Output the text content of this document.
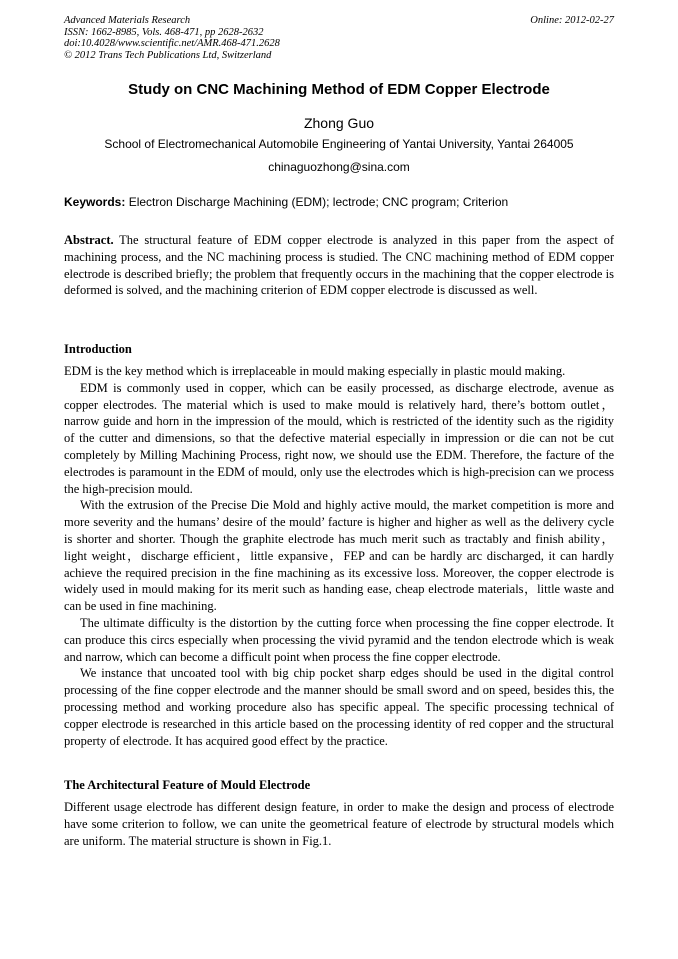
Advanced Materials Research
ISSN: 1662-8985, Vols. 468-471, pp 2628-2632
doi:10.4028/www.scientific.net/AMR.468-471.2628
© 2012 Trans Tech Publications Ltd, Switzerland
Online: 2012-02-27
Study on CNC Machining Method of EDM Copper Electrode
Zhong Guo
School of Electromechanical Automobile Engineering of Yantai University, Yantai 264005
chinaguozhong@sina.com
Keywords: Electron Discharge Machining (EDM); lectrode; CNC program; Criterion
Abstract. The structural feature of EDM copper electrode is analyzed in this paper from the aspect of machining process, and the NC machining process is studied. The CNC machining method of EDM copper electrode is described briefly; the problem that frequently occurs in the machining that the copper electrode is deformed is solved, and the machining criterion of EDM copper electrode is discussed as well.
Introduction

EDM is the key method which is irreplaceable in mould making especially in plastic mould making.

EDM is commonly used in copper, which can be easily processed, as discharge electrode, avenue as copper electrodes. The material which is used to make mould is relatively hard, there’s bottom outlet， narrow guide and horn in the impression of the mould, which is restricted of the identity such as the rigidity of the cutter and dimensions, so that the defective material especially in impression or die can not be cut completely by Milling Machining Process, right now, we should use the EDM. Therefore, the facture of the electrodes is paramount in the EDM of mould, only use the electrodes which is high-precision can we process the high-precision mould.

With the extrusion of the Precise Die Mold and highly active mould, the market competition is more and more severity and the humans’ desire of the mould’ facture is higher and higher as well as the delivery cycle is shorter and shorter. Though the graphite electrode has much merit such as tractably and finish ability，light weight，discharge efficient，little expansive，FEP and can be hardly arc discharged, it can hardly achieve the required precision in the fine machining as its excessive loss. Moreover, the copper electrode is widely used in mould making for its merit such as handing ease, cheap electrode materials，little waste and can be used in fine machining.

The ultimate difficulty is the distortion by the cutting force when processing the fine copper electrode. It can produce this circs especially when processing the vivid pyramid and the tendon electrode which is weak and narrow, which can become a difficult point when process the fine copper electrode.

We instance that uncoated tool with big chip pocket sharp edges should be used in the digital control processing of the fine copper electrode and the manner should be small sword and on speed, besides this, the processing method and working procedure also has specific appeal. The specific processing technical of copper electrode is researched in this article based on the processing identity of red copper and the structural property of electrode. It has acquired good effect by the practice.

The Architectural Feature of Mould Electrode

Different usage electrode has different design feature, in order to make the design and process of electrode have some criterion to follow, we can unite the geometrical feature of electrode by structural models which are uniform. The material structure is shown in Fig.1.
